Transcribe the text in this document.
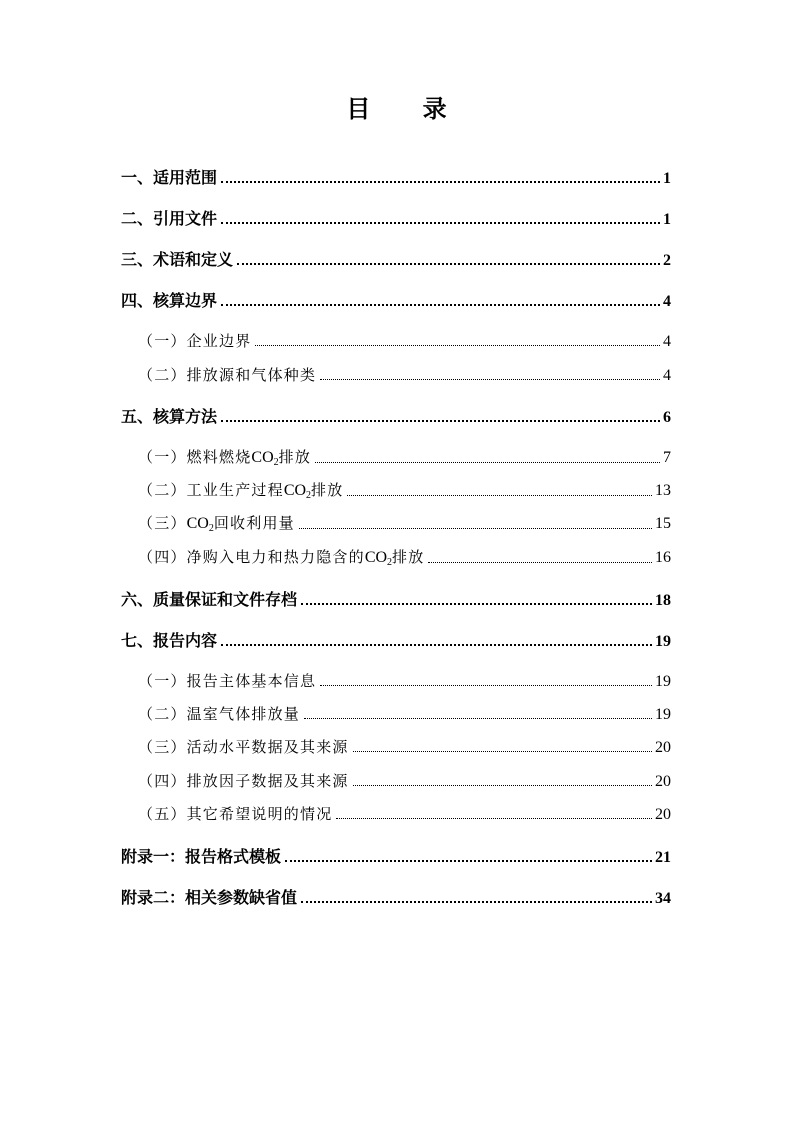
目 录
一、适用范围	1
二、引用文件	1
三、术语和定义	2
四、核算边界	4
（一）企业边界	4
（二）排放源和气体种类	4
五、核算方法	6
（一）燃料燃烧$CO_2$排放	7
（二）工业生产过程$CO_2$排放	13
（三）$CO_2$回收利用量	15
（四）净购入电力和热力隐含的$CO_2$排放	16
六、质量保证和文件存档	18
七、报告内容	19
（一）报告主体基本信息	19
（二）温室气体排放量	19
（三）活动水平数据及其来源	20
（四）排放因子数据及其来源	20
（五）其它希望说明的情况	20
附录一：报告格式模板	21
附录二：相关参数缺省值	34
